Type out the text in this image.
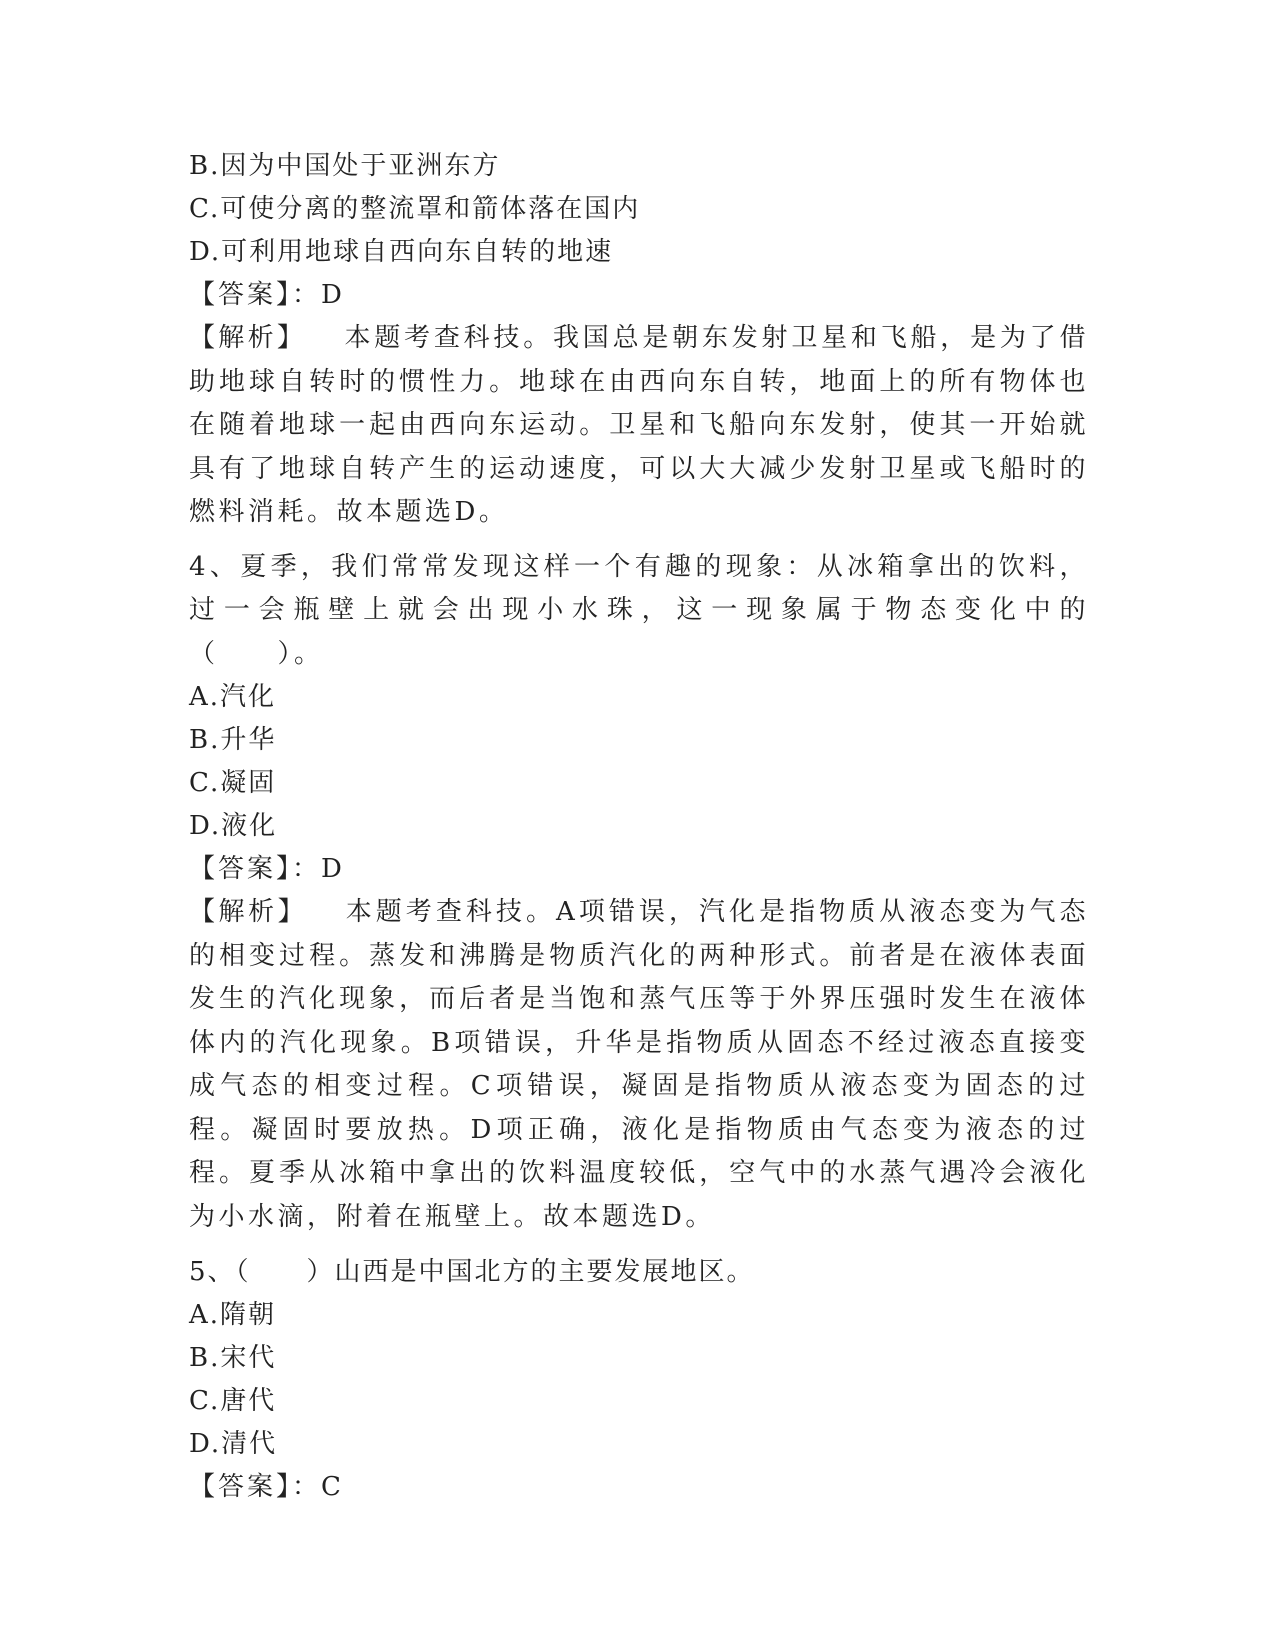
B.因为中国处于亚洲东方
C.可使分离的整流罩和箭体落在国内
D.可利用地球自西向东自转的地速
【答案】：D
【解析】 本题考查科技。我国总是朝东发射卫星和飞船，是为了借助地球自转时的惯性力。地球在由西向东自转，地面上的所有物体也在随着地球一起由西向东运动。卫星和飞船向东发射，使其一开始就具有了地球自转产生的运动速度，可以大大减少发射卫星或飞船时的燃料消耗。故本题选D。
4、夏季，我们常常发现这样一个有趣的现象：从冰箱拿出的饮料，过一会瓶壁上就会出现小水珠，这一现象属于物态变化中的（　　）。
A.汽化
B.升华
C.凝固
D.液化
【答案】：D
【解析】 本题考查科技。A项错误，汽化是指物质从液态变为气态的相变过程。蒸发和沸腾是物质汽化的两种形式。前者是在液体表面发生的汽化现象，而后者是当饱和蒸气压等于外界压强时发生在液体体内的汽化现象。B项错误，升华是指物质从固态不经过液态直接变成气态的相变过程。C项错误，凝固是指物质从液态变为固态的过程。凝固时要放热。D项正确，液化是指物质由气态变为液态的过程。夏季从冰箱中拿出的饮料温度较低，空气中的水蒸气遇冷会液化为小水滴，附着在瓶壁上。故本题选D。
5、（　　）山西是中国北方的主要发展地区。
A.隋朝
B.宋代
C.唐代
D.清代
【答案】：C
